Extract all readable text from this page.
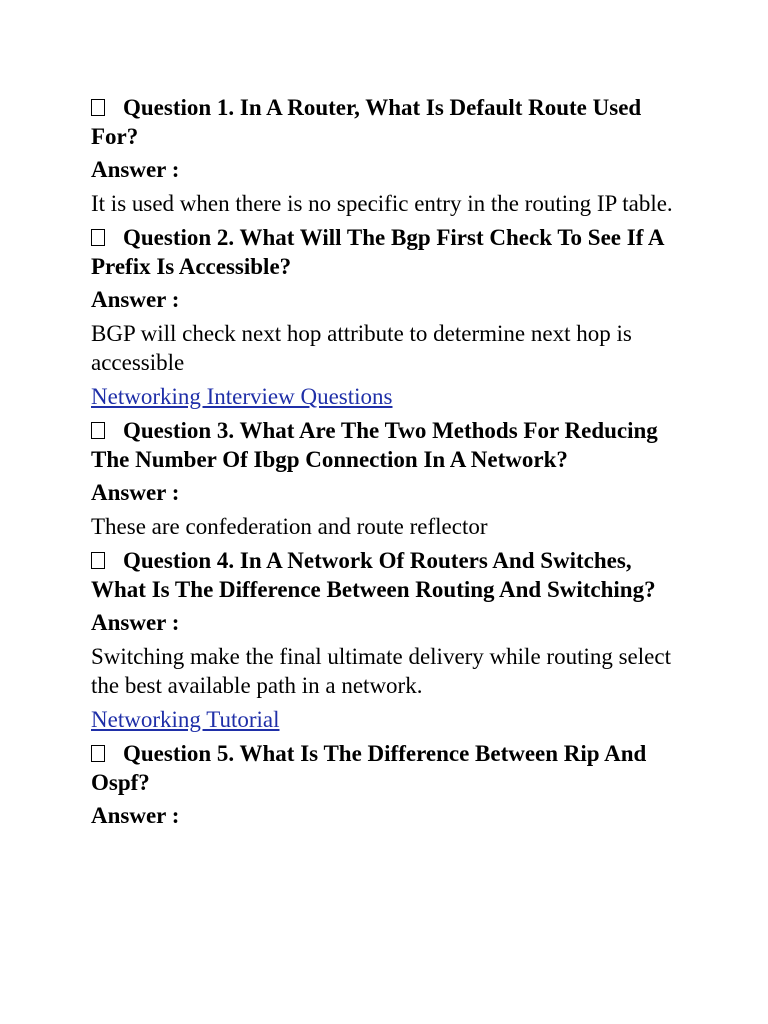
Question 1. In A Router, What Is Default Route Used For?

Answer :

It is used when there is no specific entry in the routing IP table.

Question 2. What Will The Bgp First Check To See If A Prefix Is Accessible?

Answer :

BGP will check next hop attribute to determine next hop is accessible

Networking Interview Questions

Question 3. What Are The Two Methods For Reducing The Number Of Ibgp Connection In A Network?

Answer :

These are confederation and route reflector

Question 4. In A Network Of Routers And Switches, What Is The Difference Between Routing And Switching?

Answer :

Switching make the final ultimate delivery while routing select the best available path in a network.

Networking Tutorial

Question 5. What Is The Difference Between Rip And Ospf?

Answer :
